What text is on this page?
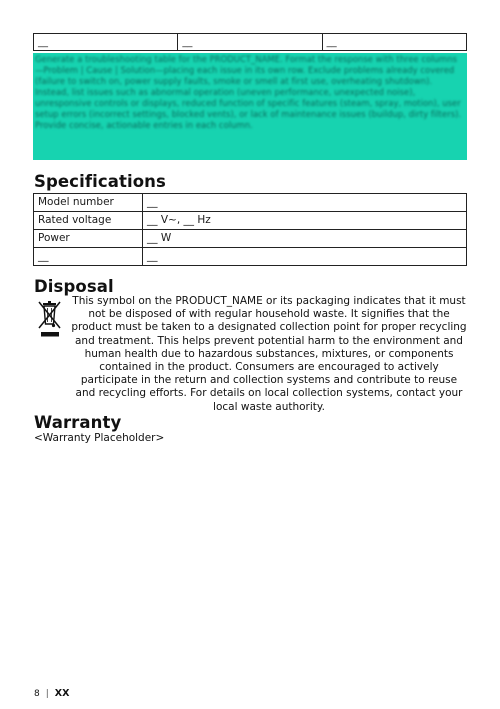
__	__	__

Generate a troubleshooting table for the PRODUCT_NAME. Format the response with three columns—Problem | Cause | Solution—placing each issue in its own row. Exclude problems already covered (failure to switch on, power supply faults, smoke or smell at first use, overheating shutdown). Instead, list issues such as abnormal operation (uneven performance, unexpected noise), unresponsive controls or displays, reduced function of specific features (steam, spray, motion), user setup errors (incorrect settings, blocked vents), or lack of maintenance issues (buildup, dirty filters). Provide concise, actionable entries in each column.

Specifications
Model number	__
Rated voltage	__ V~, __ Hz
Power	__ W
__	__
Disposal
This symbol on the PRODUCT_NAME or its packaging indicates that it must not be disposed of with regular household waste. It signifies that the product must be taken to a designated collection point for proper recycling and treatment. This helps prevent potential harm to the environment and human health due to hazardous substances, mixtures, or components contained in the product. Consumers are encouraged to actively participate in the return and collection systems and contribute to reuse and recycling efforts. For details on local collection systems, contact your local waste authority.
Warranty
<Warranty Placeholder>
8 | XX
